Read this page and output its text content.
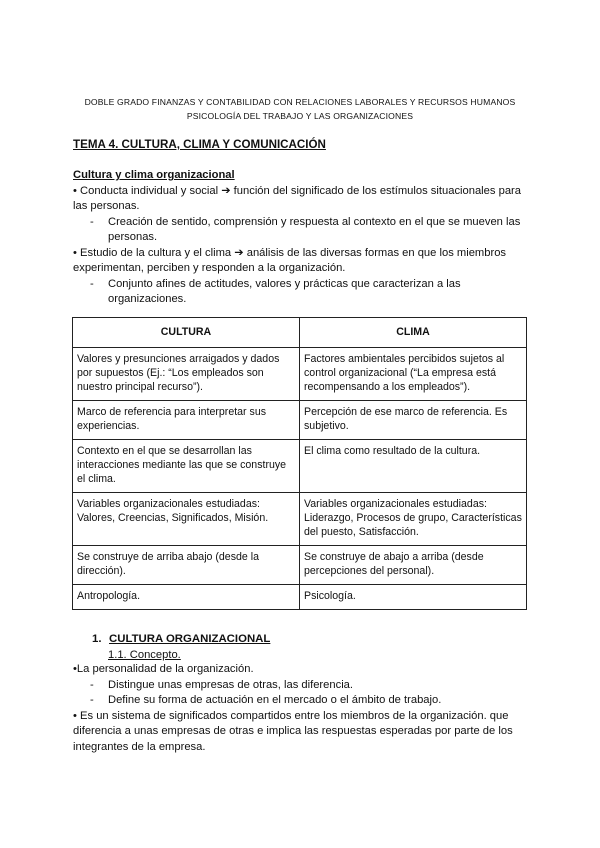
DOBLE GRADO FINANZAS Y CONTABILIDAD CON RELACIONES LABORALES Y RECURSOS HUMANOS
PSICOLOGÍA DEL TRABAJO Y LAS ORGANIZACIONES
TEMA 4. CULTURA, CLIMA Y COMUNICACIÓN
Cultura y clima organizacional

• Conducta individual y social ➔ función del significado de los estímulos situacionales para las personas.

- Creación de sentido, comprensión y respuesta al contexto en el que se mueven las personas.

• Estudio de la cultura y el clima ➔ análisis de las diversas formas en que los miembros experimentan, perciben y responden a la organización.

- Conjunto afines de actitudes, valores y prácticas que caracterizan a las organizaciones.

CULTURA	CLIMA
Valores y presunciones arraigados y dados por supuestos (Ej.: “Los empleados son nuestro principal recurso”).	Factores ambientales percibidos sujetos al control organizacional (“La empresa está recompensando a los empleados”).
Marco de referencia para interpretar sus experiencias.	Percepción de ese marco de referencia. Es subjetivo.
Contexto en el que se desarrollan las interacciones mediante las que se construye el clima.	El clima como resultado de la cultura.
Variables organizacionales estudiadas: Valores, Creencias, Significados, Misión.	Variables organizacionales estudiadas: Liderazgo, Procesos de grupo, Características del puesto, Satisfacción.
Se construye de arriba abajo (desde la dirección).	Se construye de abajo a arriba (desde percepciones del personal).
Antropología.	Psicología.
1. CULTURA ORGANIZACIONAL
1.1. Concepto.

•La personalidad de la organización.

- Distingue unas empresas de otras, las diferencia.

- Define su forma de actuación en el mercado o el ámbito de trabajo.

• Es un sistema de significados compartidos entre los miembros de la organización. que diferencia a unas empresas de otras e implica las respuestas esperadas por parte de los integrantes de la empresa.
